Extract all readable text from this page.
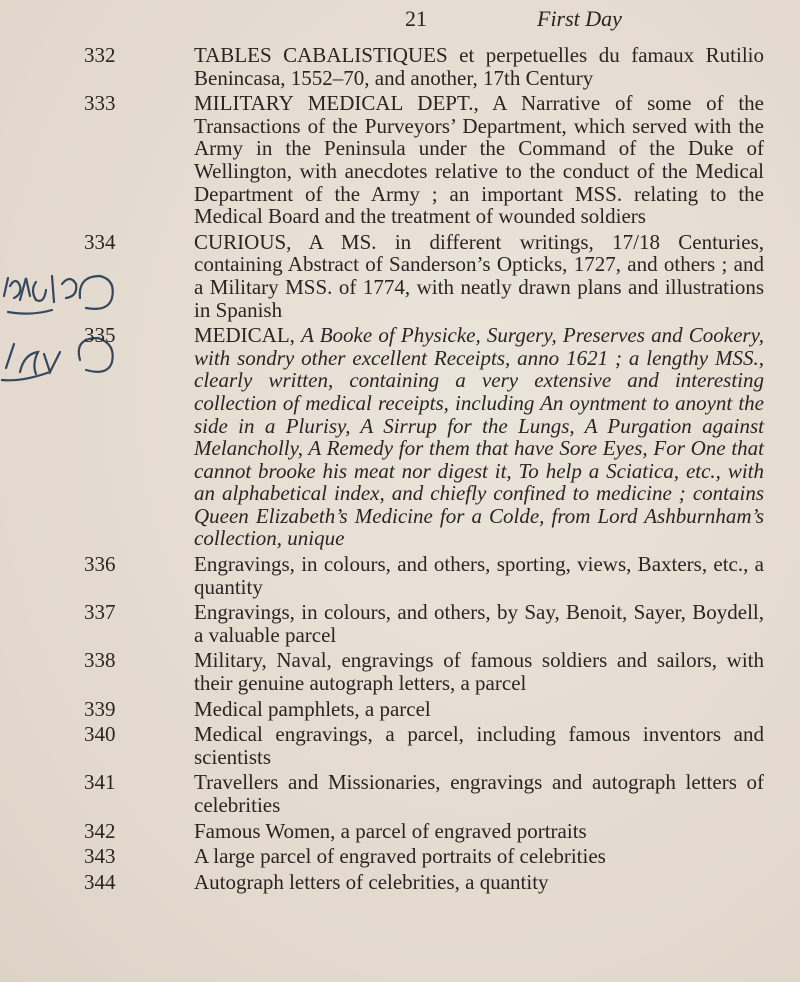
21	First Day
332	TABLES CABALISTIQUES et perpetuelles du famaux Rutilio Benincasa, 1552–70, and another, 17th Century
333	MILITARY MEDICAL DEPT., A Narrative of some of the Transactions of the Purveyors’ Department, which served with the Army in the Peninsula under the Command of the Duke of Wellington, with anecdotes relative to the conduct of the Medical Department of the Army ; an important MSS. relating to the Medical Board and the treatment of wounded soldiers
334	CURIOUS, A MS. in different writings, 17/18 Centuries, containing Abstract of Sanderson’s Opticks, 1727, and others ; and a Military MSS. of 1774, with neatly drawn plans and illustrations in Spanish
335	MEDICAL, A Booke of Physicke, Surgery, Preserves and Cookery, with sondry other excellent Receipts, anno 1621 ; a lengthy MSS., clearly written, containing a very extensive and interesting collection of medical receipts, including An oyntment to anoynt the side in a Plurisy, A Sirrup for the Lungs, A Purgation against Melancholly, A Remedy for them that have Sore Eyes, For One that cannot brooke his meat nor digest it, To help a Sciatica, etc., with an alphabetical index, and chiefly confined to medicine ; contains Queen Elizabeth’s Medicine for a Colde, from Lord Ashburnham’s collection, unique
336	Engravings, in colours, and others, sporting, views, Baxters, etc., a quantity
337	Engravings, in colours, and others, by Say, Benoit, Sayer, Boydell, a valuable parcel
338	Military, Naval, engravings of famous soldiers and sailors, with their genuine autograph letters, a parcel
339	Medical pamphlets, a parcel
340	Medical engravings, a parcel, including famous inventors and scientists
341	Travellers and Missionaries, engravings and autograph letters of celebrities
342	Famous Women, a parcel of engraved portraits
343	A large parcel of engraved portraits of celebrities
344	Autograph letters of celebrities, a quantity
